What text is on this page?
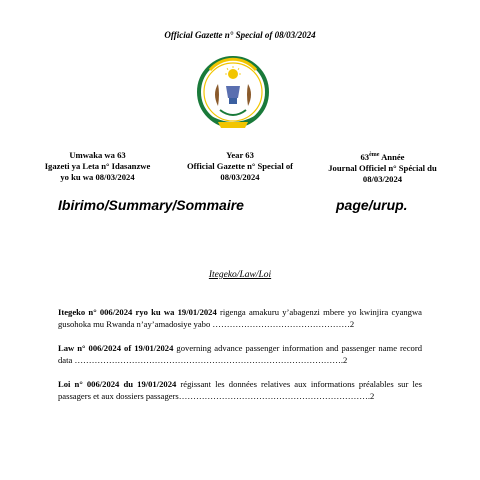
Official Gazette n° Special of 08/03/2024
Umwaka wa 63
Igazeti ya Leta n° Idasanzwe
yo ku wa 08/03/2024
Year 63
Official Gazette n° Special of
08/03/2024
63ème Année
Journal Officiel n° Spécial du
08/03/2024
Ibirimo/Summary/Sommaire	page/urup.
Itegeko/Law/Loi
Itegeko n° 006/2024 ryo ku wa 19/01/2024 rigenga amakuru y’abagenzi mbere yo kwinjira cyangwa gusohoka mu Rwanda n’ay’amadosiye yabo …………………………………………2
Law n° 006/2024 of 19/01/2024 governing advance passenger information and passenger name record data ………………………………………………………………………………….2
Loi n° 006/2024 du 19/01/2024 régissant les données relatives aux informations préalables sur les passagers et aux dossiers passagers………………………………………………………….2
